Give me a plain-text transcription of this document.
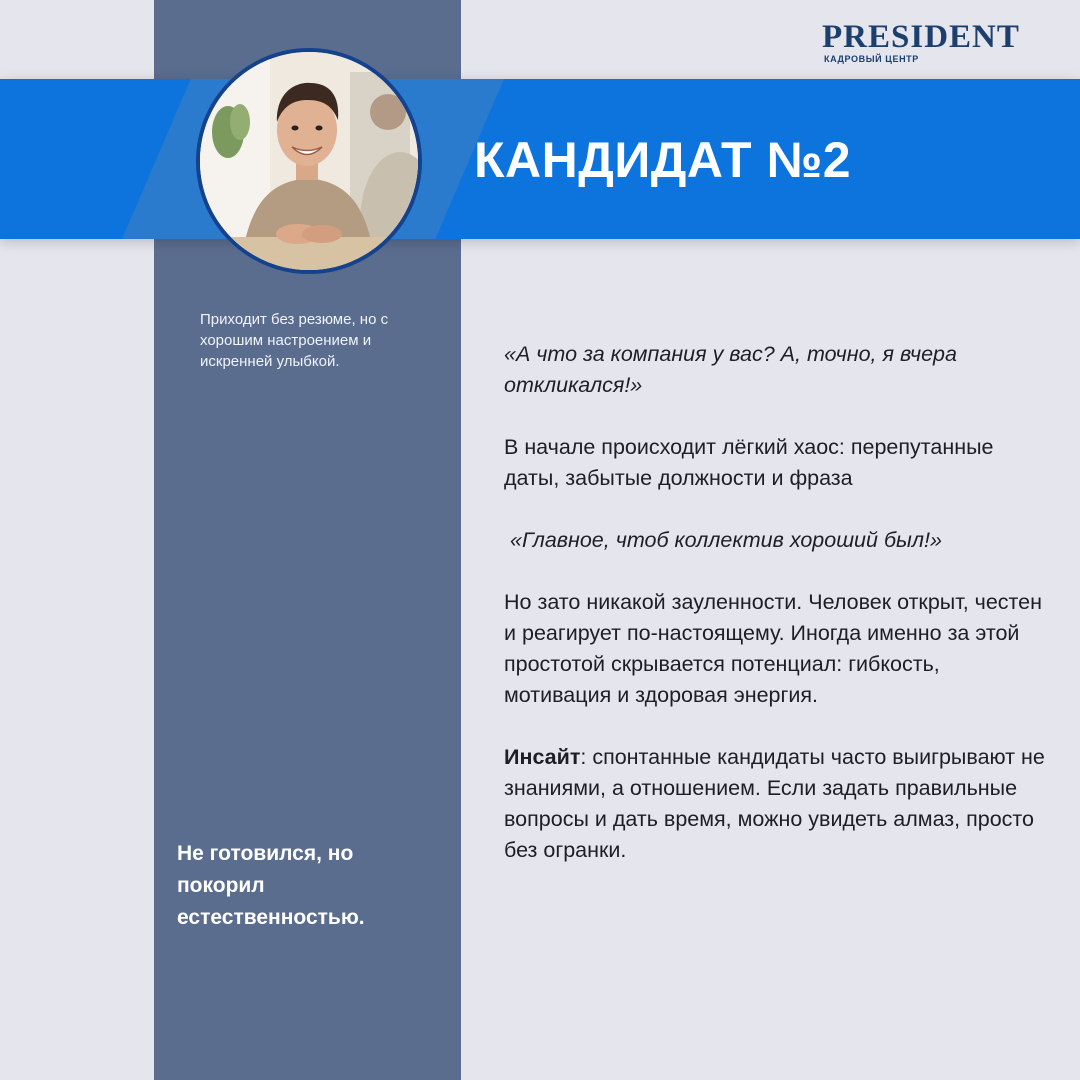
КАНДИДАТ №2
PRESIDENT
КАДРОВЫЙ ЦЕНТР
Приходит без резюме, но с хорошим настроением и искренней улыбкой.
Не готовился, но покорил естественностью.

«А что за компания у вас? А, точно, я вчера откликался!»

В начале происходит лёгкий хаос: перепутанные даты, забытые должности и фраза

«Главное, чтоб коллектив хороший был!»

Но зато никакой зауленности. Человек открыт, честен и реагирует по-настоящему. Иногда именно за этой простотой скрывается потенциал: гибкость, мотивация и здоровая энергия.

Инсайт: спонтанные кандидаты часто выигрывают не знаниями, а отношением. Если задать правильные вопросы и дать время, можно увидеть алмаз, просто без огранки.
